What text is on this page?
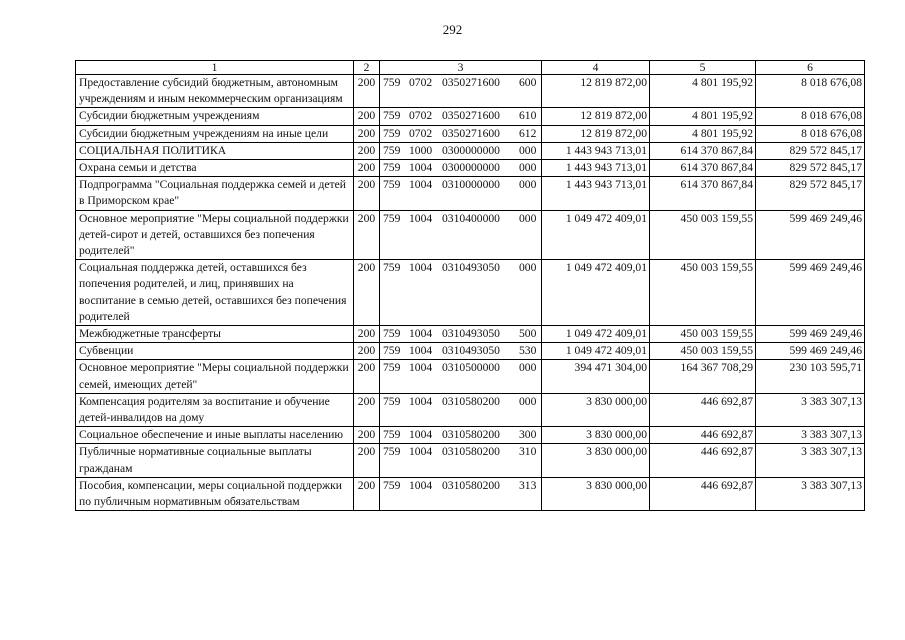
292
1	2	3	4	5	6
Предоставление субсидий бюджетным, автономным учреждениям и иным некоммерческим организациям	200	759 0702 0350271600 600	12 819 872,00	4 801 195,92	8 018 676,08
Субсидии бюджетным учреждениям	200	759 0702 0350271600 610	12 819 872,00	4 801 195,92	8 018 676,08
Субсидии бюджетным учреждениям на иные цели	200	759 0702 0350271600 612	12 819 872,00	4 801 195,92	8 018 676,08
СОЦИАЛЬНАЯ ПОЛИТИКА	200	759 1000 0300000000 000	1 443 943 713,01	614 370 867,84	829 572 845,17
Охрана семьи и детства	200	759 1004 0300000000 000	1 443 943 713,01	614 370 867,84	829 572 845,17
Подпрограмма "Социальная поддержка семей и детей в Приморском крае"	200	759 1004 0310000000 000	1 443 943 713,01	614 370 867,84	829 572 845,17
Основное мероприятие "Меры социальной поддержки детей-сирот и детей, оставшихся без попечения родителей"	200	759 1004 0310400000 000	1 049 472 409,01	450 003 159,55	599 469 249,46
Социальная поддержка детей, оставшихся без попечения родителей, и лиц, принявших на воспитание в семью детей, оставшихся без попечения родителей	200	759 1004 0310493050 000	1 049 472 409,01	450 003 159,55	599 469 249,46
Межбюджетные трансферты	200	759 1004 0310493050 500	1 049 472 409,01	450 003 159,55	599 469 249,46
Субвенции	200	759 1004 0310493050 530	1 049 472 409,01	450 003 159,55	599 469 249,46
Основное мероприятие "Меры социальной поддержки семей, имеющих детей"	200	759 1004 0310500000 000	394 471 304,00	164 367 708,29	230 103 595,71
Компенсация родителям за воспитание и обучение детей-инвалидов на дому	200	759 1004 0310580200 000	3 830 000,00	446 692,87	3 383 307,13
Социальное обеспечение и иные выплаты населению	200	759 1004 0310580200 300	3 830 000,00	446 692,87	3 383 307,13
Публичные нормативные социальные выплаты гражданам	200	759 1004 0310580200 310	3 830 000,00	446 692,87	3 383 307,13
Пособия, компенсации, меры социальной поддержки по публичным нормативным обязательствам	200	759 1004 0310580200 313	3 830 000,00	446 692,87	3 383 307,13
